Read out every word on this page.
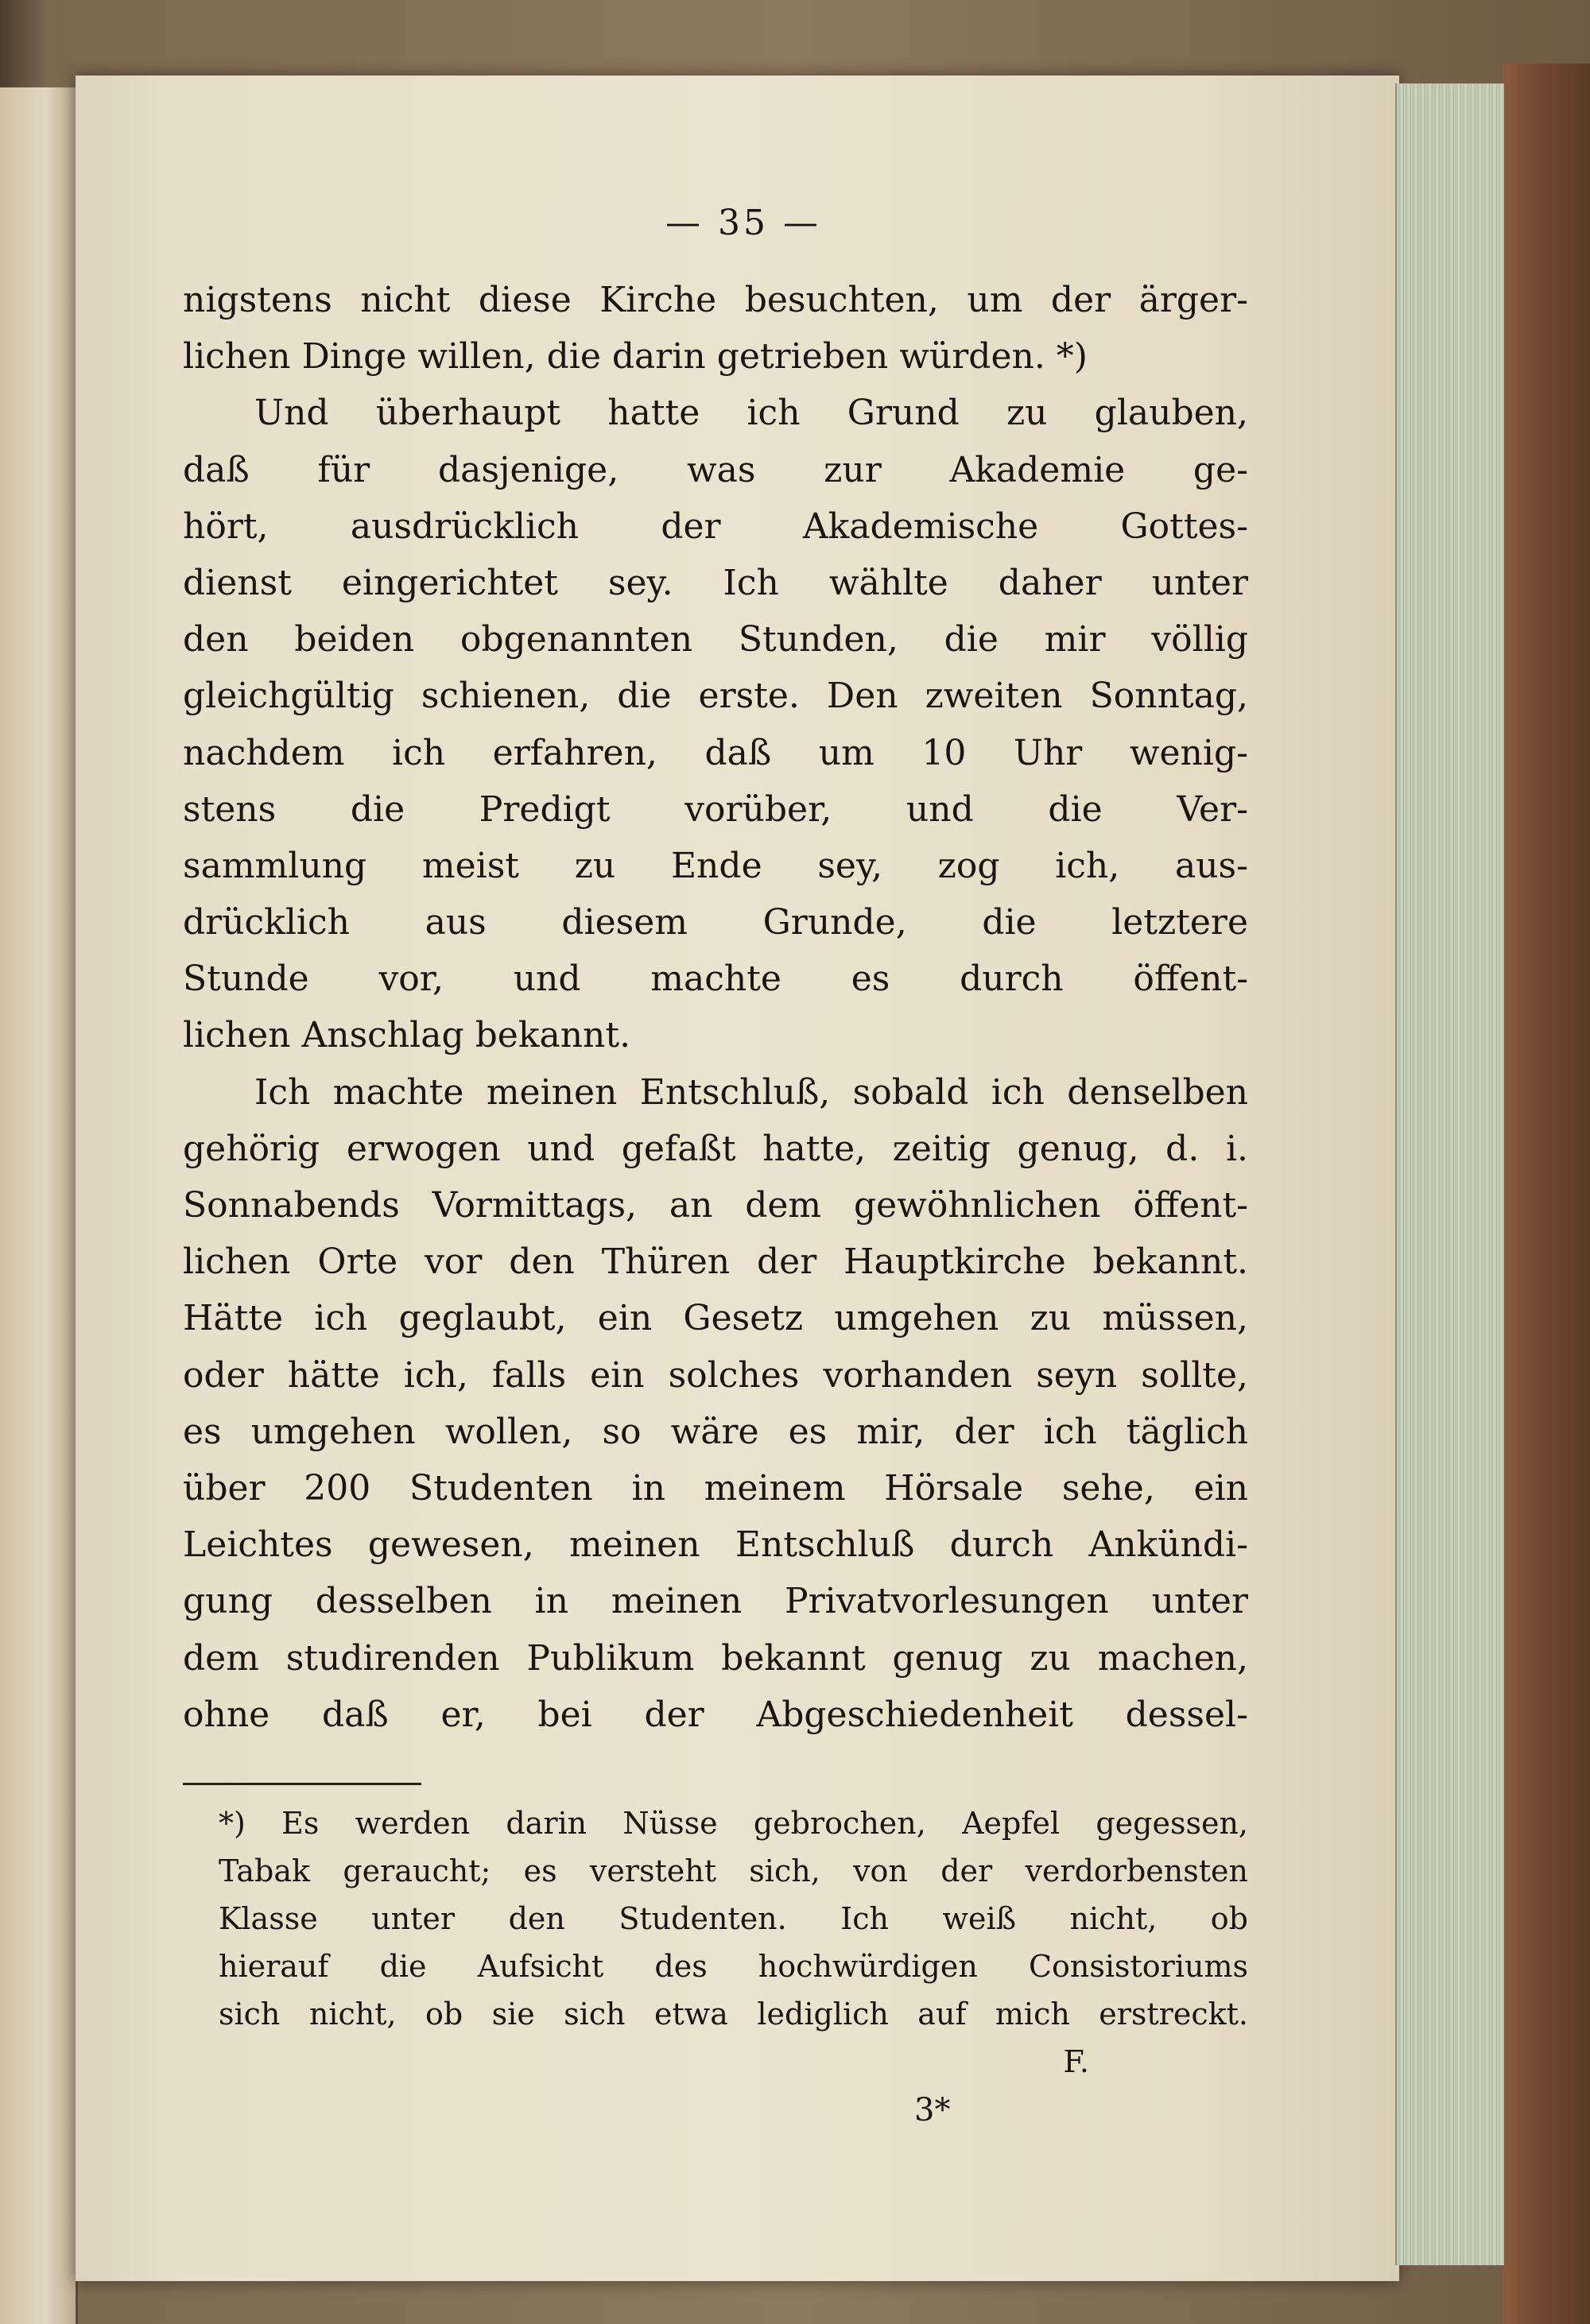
— 35 —
nigstens nicht diese Kirche besuchten, um der ärger-
lichen Dinge willen, die darin getrieben würden. *)
Und überhaupt hatte ich Grund zu glauben,
daß für dasjenige, was zur Akademie ge-
hört, ausdrücklich der Akademische Gottes-
dienst eingerichtet sey. Ich wählte daher unter
den beiden obgenannten Stunden, die mir völlig
gleichgültig schienen, die erste. Den zweiten Sonntag,
nachdem ich erfahren, daß um 10 Uhr wenig-
stens die Predigt vorüber, und die Ver-
sammlung meist zu Ende sey, zog ich, aus-
drücklich aus diesem Grunde, die letztere
Stunde vor, und machte es durch öffent-
lichen Anschlag bekannt.
Ich machte meinen Entschluß, sobald ich denselben
gehörig erwogen und gefaßt hatte, zeitig genug, d. i.
Sonnabends Vormittags, an dem gewöhnlichen öffent-
lichen Orte vor den Thüren der Hauptkirche bekannt.
Hätte ich geglaubt, ein Gesetz umgehen zu müssen,
oder hätte ich, falls ein solches vorhanden seyn sollte,
es umgehen wollen, so wäre es mir, der ich täglich
über 200 Studenten in meinem Hörsale sehe, ein
Leichtes gewesen, meinen Entschluß durch Ankündi-
gung desselben in meinen Privatvorlesungen unter
dem studirenden Publikum bekannt genug zu machen,
ohne daß er, bei der Abgeschiedenheit dessel-
*) Es werden darin Nüsse gebrochen, Aepfel gegessen,
Tabak geraucht; es versteht sich, von der verdorbensten
Klasse unter den Studenten. Ich weiß nicht, ob
hierauf die Aufsicht des hochwürdigen Consistoriums
sich nicht, ob sie sich etwa lediglich auf mich erstreckt.
F.
3*
